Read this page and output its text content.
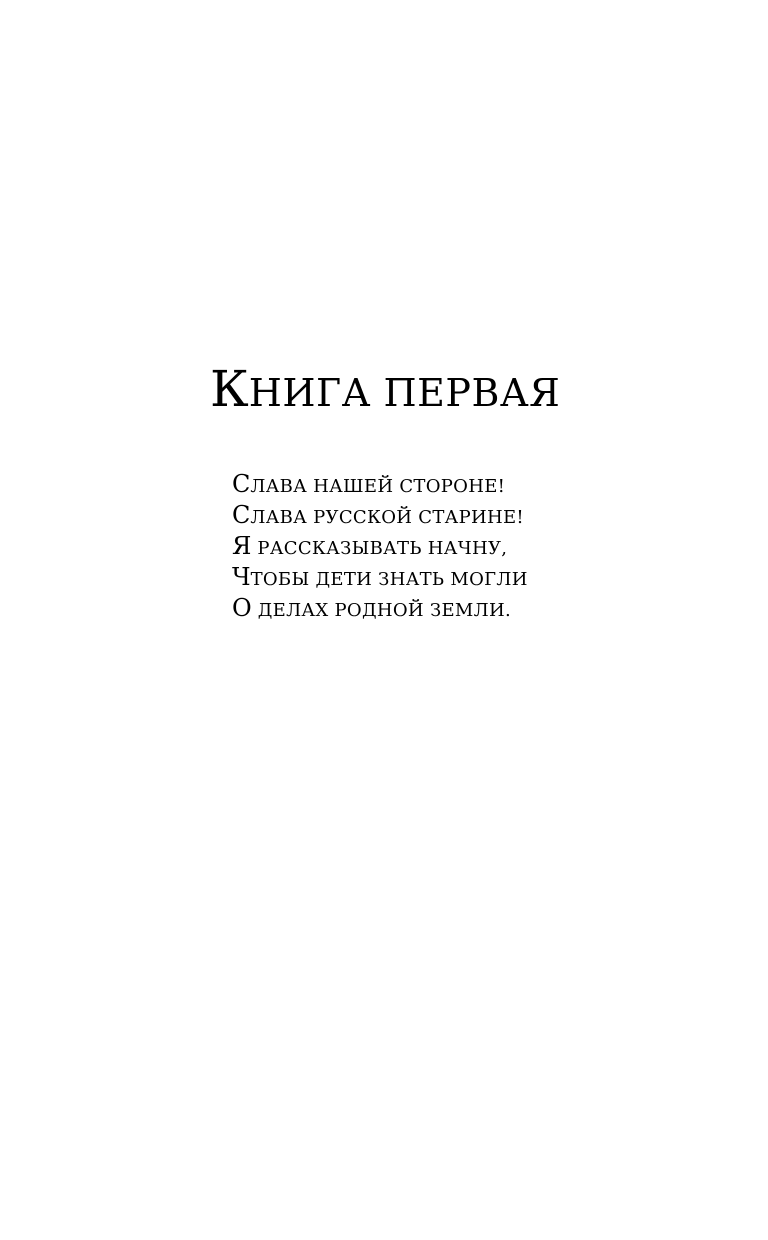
КНИГА ПЕРВАЯ

СЛАВА НАШЕЙ СТОРОНЕ!

СЛАВА РУССКОЙ СТАРИНЕ!

Я РАССКАЗЫВАТЬ НАЧНУ,

ЧТОБЫ ДЕТИ ЗНАТЬ МОГЛИ

О ДЕЛАХ РОДНОЙ ЗЕМЛИ.
